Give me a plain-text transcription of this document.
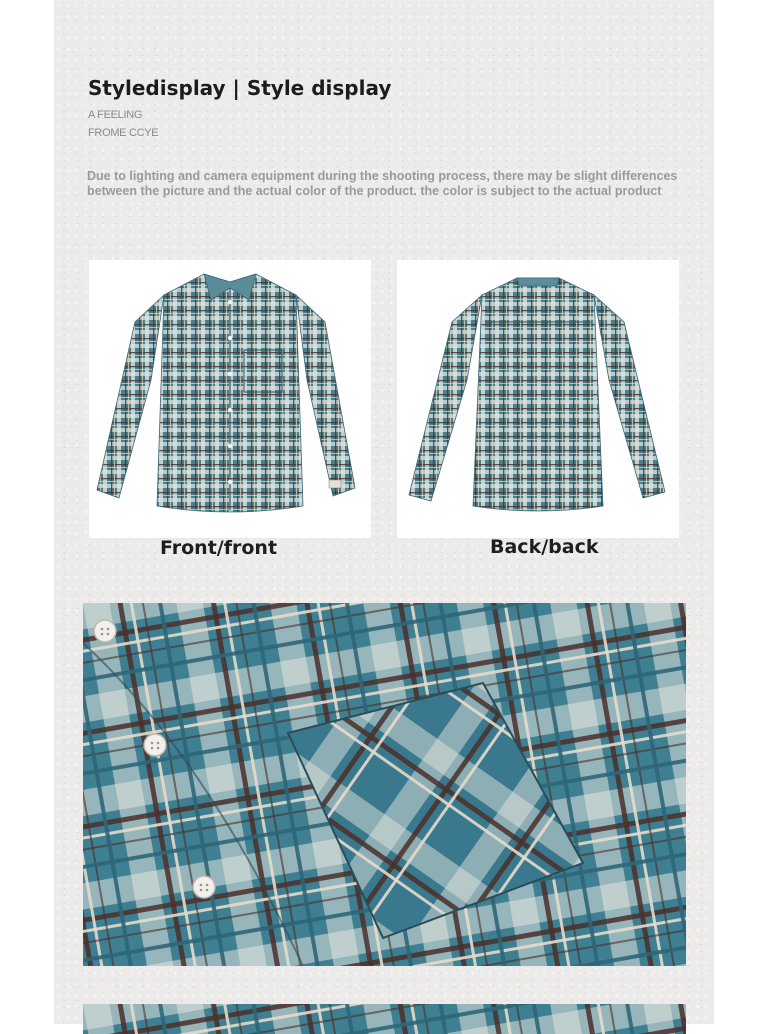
Styledisplay | Style display
A FEELING
FROME CCYE
Due to lighting and camera equipment during the shooting process, there may be slight differences between the picture and the actual color of the product. the color is subject to the actual product
Front/front	Back/back
